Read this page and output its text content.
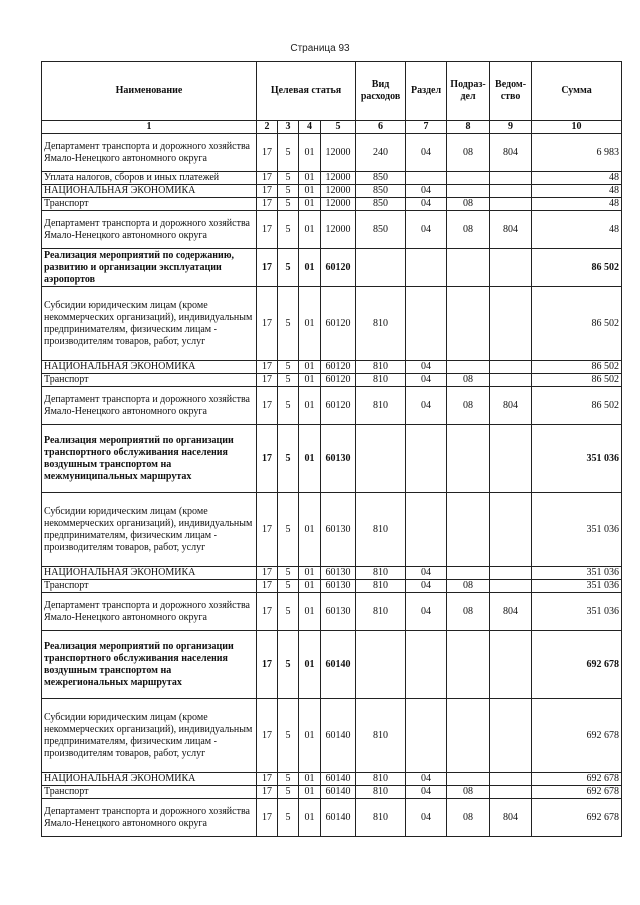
Страница 93
Наименование	Целевая статья				Вид расходов	Раздел	Подраз-дел	Ведом-ство	Сумма
1	2	3	4	5	6	7	8	9	10
Департамент транспорта и дорожного хозяйства Ямало-Ненецкого автономного округа	17	5	01	12000	240	04	08	804	6 983
Уплата налогов, сборов и иных платежей	17	5	01	12000	850				48
НАЦИОНАЛЬНАЯ ЭКОНОМИКА	17	5	01	12000	850	04			48
Транспорт	17	5	01	12000	850	04	08		48
Департамент транспорта и дорожного хозяйства Ямало-Ненецкого автономного округа	17	5	01	12000	850	04	08	804	48
Реализация мероприятий по содержанию, развитию и организации эксплуатации аэропортов	17	5	01	60120					86 502
Субсидии юридическим лицам (кроме некоммерческих организаций), индивидуальным предпринимателям, физическим лицам - производителям товаров, работ, услуг	17	5	01	60120	810				86 502
НАЦИОНАЛЬНАЯ ЭКОНОМИКА	17	5	01	60120	810	04			86 502
Транспорт	17	5	01	60120	810	04	08		86 502
Департамент транспорта и дорожного хозяйства Ямало-Ненецкого автономного округа	17	5	01	60120	810	04	08	804	86 502
Реализация мероприятий по организации транспортного обслуживания населения воздушным транспортом на межмуниципальных маршрутах	17	5	01	60130					351 036
Субсидии юридическим лицам (кроме некоммерческих организаций), индивидуальным предпринимателям, физическим лицам - производителям товаров, работ, услуг	17	5	01	60130	810				351 036
НАЦИОНАЛЬНАЯ ЭКОНОМИКА	17	5	01	60130	810	04			351 036
Транспорт	17	5	01	60130	810	04	08		351 036
Департамент транспорта и дорожного хозяйства Ямало-Ненецкого автономного округа	17	5	01	60130	810	04	08	804	351 036
Реализация мероприятий по организации транспортного обслуживания населения воздушным транспортом на межрегиональных маршрутах	17	5	01	60140					692 678
Субсидии юридическим лицам (кроме некоммерческих организаций), индивидуальным предпринимателям, физическим лицам - производителям товаров, работ, услуг	17	5	01	60140	810				692 678
НАЦИОНАЛЬНАЯ ЭКОНОМИКА	17	5	01	60140	810	04			692 678
Транспорт	17	5	01	60140	810	04	08		692 678
Департамент транспорта и дорожного хозяйства Ямало-Ненецкого автономного округа	17	5	01	60140	810	04	08	804	692 678
